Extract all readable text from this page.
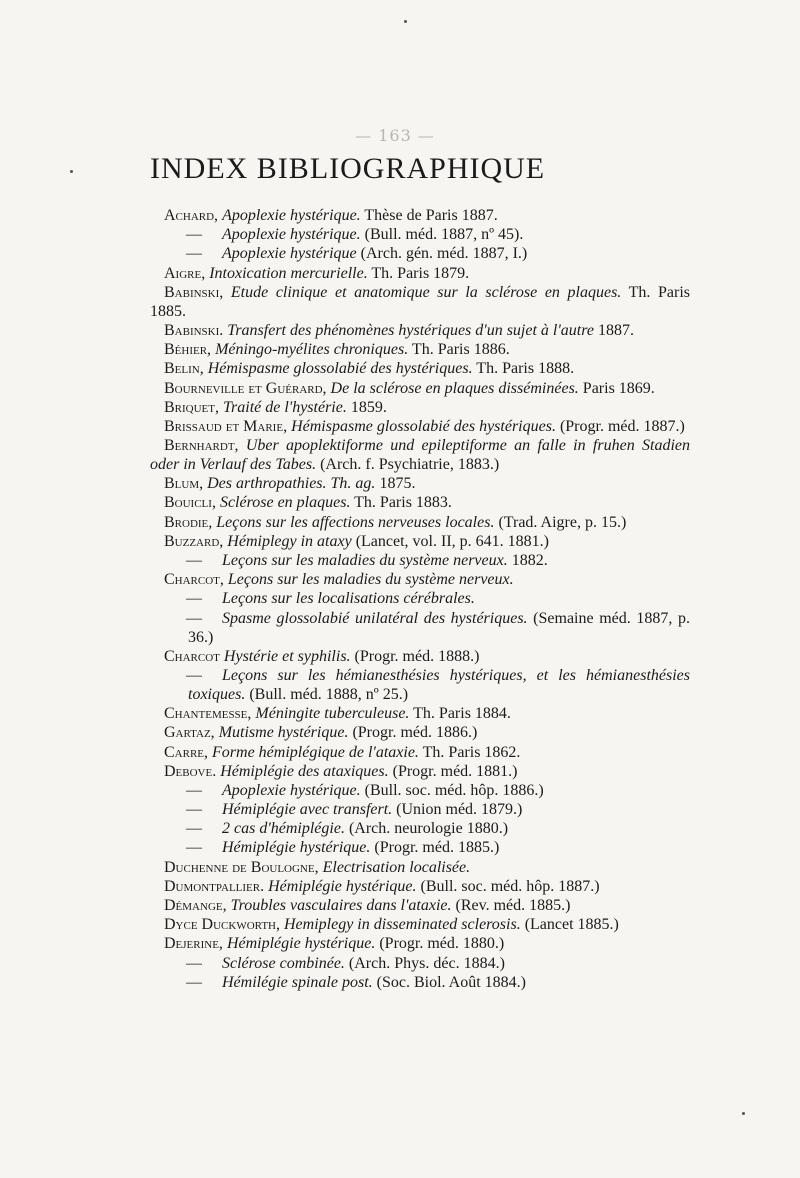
— 163 —
INDEX BIBLIOGRAPHIQUE

Achard, Apoplexie hystérique. Thèse de Paris 1887.

— Apoplexie hystérique. (Bull. méd. 1887, nº 45).

— Apoplexie hystérique (Arch. gén. méd. 1887, I.)

Aigre, Intoxication mercurielle. Th. Paris 1879.

Babinski, Etude clinique et anatomique sur la sclérose en plaques. Th. Paris 1885.

Babinski. Transfert des phénomènes hystériques d'un sujet à l'autre 1887.

Béhier, Méningo-myélites chroniques. Th. Paris 1886.

Belin, Hémispasme glossolabié des hystériques. Th. Paris 1888.

Bourneville et Guérard, De la sclérose en plaques disséminées. Paris 1869.

Briquet, Traité de l'hystérie. 1859.

Brissaud et Marie, Hémispasme glossolabié des hystériques. (Progr. méd. 1887.)

Bernhardt, Uber apoplektiforme und epileptiforme an falle in fruhen Stadien oder in Verlauf des Tabes. (Arch. f. Psychiatrie, 1883.)

Blum, Des arthropathies. Th. ag. 1875.

Bouicli, Sclérose en plaques. Th. Paris 1883.

Brodie, Leçons sur les affections nerveuses locales. (Trad. Aigre, p. 15.)

Buzzard, Hémiplegy in ataxy (Lancet, vol. II, p. 641. 1881.)

— Leçons sur les maladies du système nerveux. 1882.

Charcot, Leçons sur les maladies du système nerveux.

— Leçons sur les localisations cérébrales.

— Spasme glossolabié unilatéral des hystériques. (Semaine méd. 1887, p. 36.)

Charcot Hystérie et syphilis. (Progr. méd. 1888.)

— Leçons sur les hémianesthésies hystériques, et les hémianesthésies toxiques. (Bull. méd. 1888, nº 25.)

Chantemesse, Méningite tuberculeuse. Th. Paris 1884.

Gartaz, Mutisme hystérique. (Progr. méd. 1886.)

Carre, Forme hémiplégique de l'ataxie. Th. Paris 1862.

Debove. Hémiplégie des ataxiques. (Progr. méd. 1881.)

— Apoplexie hystérique. (Bull. soc. méd. hôp. 1886.)

— Hémiplégie avec transfert. (Union méd. 1879.)

— 2 cas d'hémiplégie. (Arch. neurologie 1880.)

— Hémiplégie hystérique. (Progr. méd. 1885.)

Duchenne de Boulogne, Electrisation localisée.

Dumontpallier. Hémiplégie hystérique. (Bull. soc. méd. hôp. 1887.)

Démange, Troubles vasculaires dans l'ataxie. (Rev. méd. 1885.)

Dyce Duckworth, Hemiplegy in disseminated sclerosis. (Lancet 1885.)

Dejerine, Hémiplégie hystérique. (Progr. méd. 1880.)

— Sclérose combinée. (Arch. Phys. déc. 1884.)

— Hémilégie spinale post. (Soc. Biol. Août 1884.)
